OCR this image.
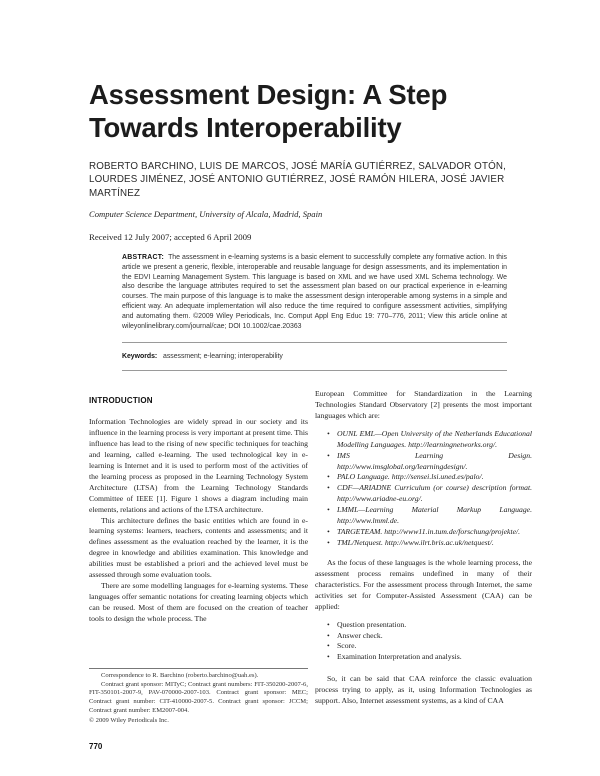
Assessment Design: A Step Towards Interoperability
ROBERTO BARCHINO, LUIS DE MARCOS, JOSÉ MARÍA GUTIÉRREZ, SALVADOR OTÓN, LOURDES JIMÉNEZ, JOSÉ ANTONIO GUTIÉRREZ, JOSÉ RAMÓN HILERA, JOSÉ JAVIER MARTÍNEZ
Computer Science Department, University of Alcala, Madrid, Spain
Received 12 July 2007; accepted 6 April 2009
ABSTRACT: The assessment in e-learning systems is a basic element to successfully complete any formative action. In this article we present a generic, flexible, interoperable and reusable language for design assessments, and its implementation in the EDVI Learning Management System. This language is based on XML and we have used XML Schema technology. We also describe the language attributes required to set the assessment plan based on our practical experience in e-learning courses. The main purpose of this language is to make the assessment design interoperable among systems in a simple and efficient way. An adequate implementation will also reduce the time required to configure assessment activities, simplifying and automating them. ©2009 Wiley Periodicals, Inc. Comput Appl Eng Educ 19: 770–776, 2011; View this article online at wileyonlinelibrary.com/journal/cae; DOI 10.1002/cae.20363
Keywords: assessment; e-learning; interoperability
INTRODUCTION

Information Technologies are widely spread in our society and its influence in the learning process is very important at present time. This influence has lead to the rising of new specific techniques for teaching and learning, called e-learning. The used technological key in e-learning is Internet and it is used to perform most of the activities of the learning process as proposed in the Learning Technology System Architecture (LTSA) from the Learning Technology Standards Committee of IEEE [1]. Figure 1 shows a diagram including main elements, relations and actions of the LTSA architecture.

This architecture defines the basic entities which are found in e-learning systems: learners, teachers, contents and assessments; and it defines assessment as the evaluation reached by the learner, it is the degree in knowledge and abilities examination. This knowledge and abilities must be established a priori and the achieved level must be assessed through some evaluation tools.

There are some modelling languages for e-learning systems. These languages offer semantic notations for creating learning objects which can be reused. Most of them are focused on the creation of teacher tools to design the whole process. The

European Committee for Standardization in the Learning Technologies Standard Observatory [2] presents the most important languages which are:

• OUNL EML—Open University of the Netherlands Educational Modelling Languages. http://learningnetworks.org/.
• IMS Learning Design. http://www.imsglobal.org/learningdesign/.
• PALO Language. http://sensei.lsi.uned.es/palo/.
• CDF—ARIADNE Curriculum (or course) description format. http://www.ariadne-eu.org/.
• LMML—Learning Material Markup Language. http://www.lmml.de.
• TARGETEAM. http://www11.in.tum.de/forschung/projekte/.
• TML/Netquest. http://www.ilrt.bris.ac.uk/netquest/.

As the focus of these languages is the whole learning process, the assessment process remains undefined in many of their characteristics. For the assessment process through Internet, the same activities set for Computer-Assisted Assessment (CAA) can be applied:

• Question presentation.
• Answer check.
• Score.
• Examination Interpretation and analysis.

So, it can be said that CAA reinforce the classic evaluation process trying to apply, as it, using Information Technologies as support. Also, Internet assessment systems, as a kind of CAA

Correspondence to R. Barchino (roberto.barchino@uah.es).

Contract grant sponsor: MITyC; Contract grant numbers: FIT-350200-2007-6, FIT-350101-2007-9, PAV-070000-2007-103. Contract grant sponsor: MEC; Contract grant number: CIT-410000-2007-5. Contract grant sponsor: JCCM; Contract grant number: EM2007-004.

© 2009 Wiley Periodicals Inc.

770
